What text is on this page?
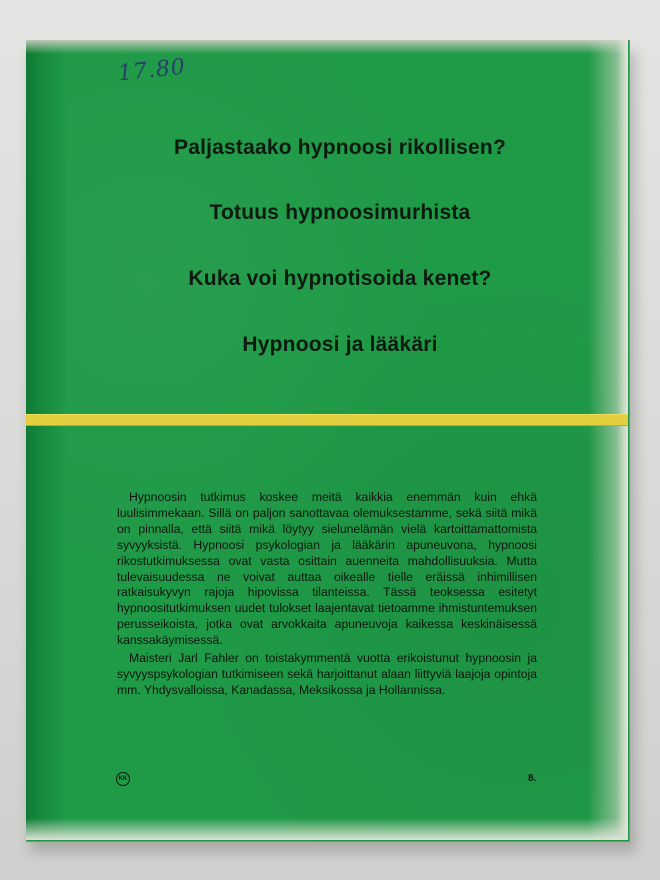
17.80
Paljastaako hypnoosi rikollisen?
Totuus hypnoosimurhista
Kuka voi hypnotisoida kenet?
Hypnoosi ja lääkäri

Hypnoosin tutkimus koskee meitä kaikkia enemmän kuin ehkä luulisimmekaan. Sillä on paljon sanottavaa olemuksestamme, sekä siitä mikä on pinnalla, että siitä mikä löytyy sielunelämän vielä kartoittamattomista syvyyksistä. Hypnoosi psykologian ja lääkärin apuneuvona, hypnoosi rikostutkimuksessa ovat vasta osittain auenneita mahdollisuuksia. Mutta tulevaisuudessa ne voivat auttaa oikealle tielle eräissä inhimillisen ratkaisukyvyn rajoja hipovissa tilanteissa. Tässä teoksessa esitetyt hypnoositutkimuksen uudet tulokset laajentavat tietoamme ihmistuntemuksen perusseikoista, jotka ovat arvokkaita apuneuvoja kaikessa keskinäisessä kanssakäymisessä.

Maisteri Jarl Fahler on toistakymmentä vuotta erikoistunut hypnoosin ja syvyyspsykologian tutkimiseen sekä harjoittanut alaan liittyviä laajoja opintoja mm. Yhdysvalloissa, Kanadassa, Meksikossa ja Hollannissa.

KK	8.
